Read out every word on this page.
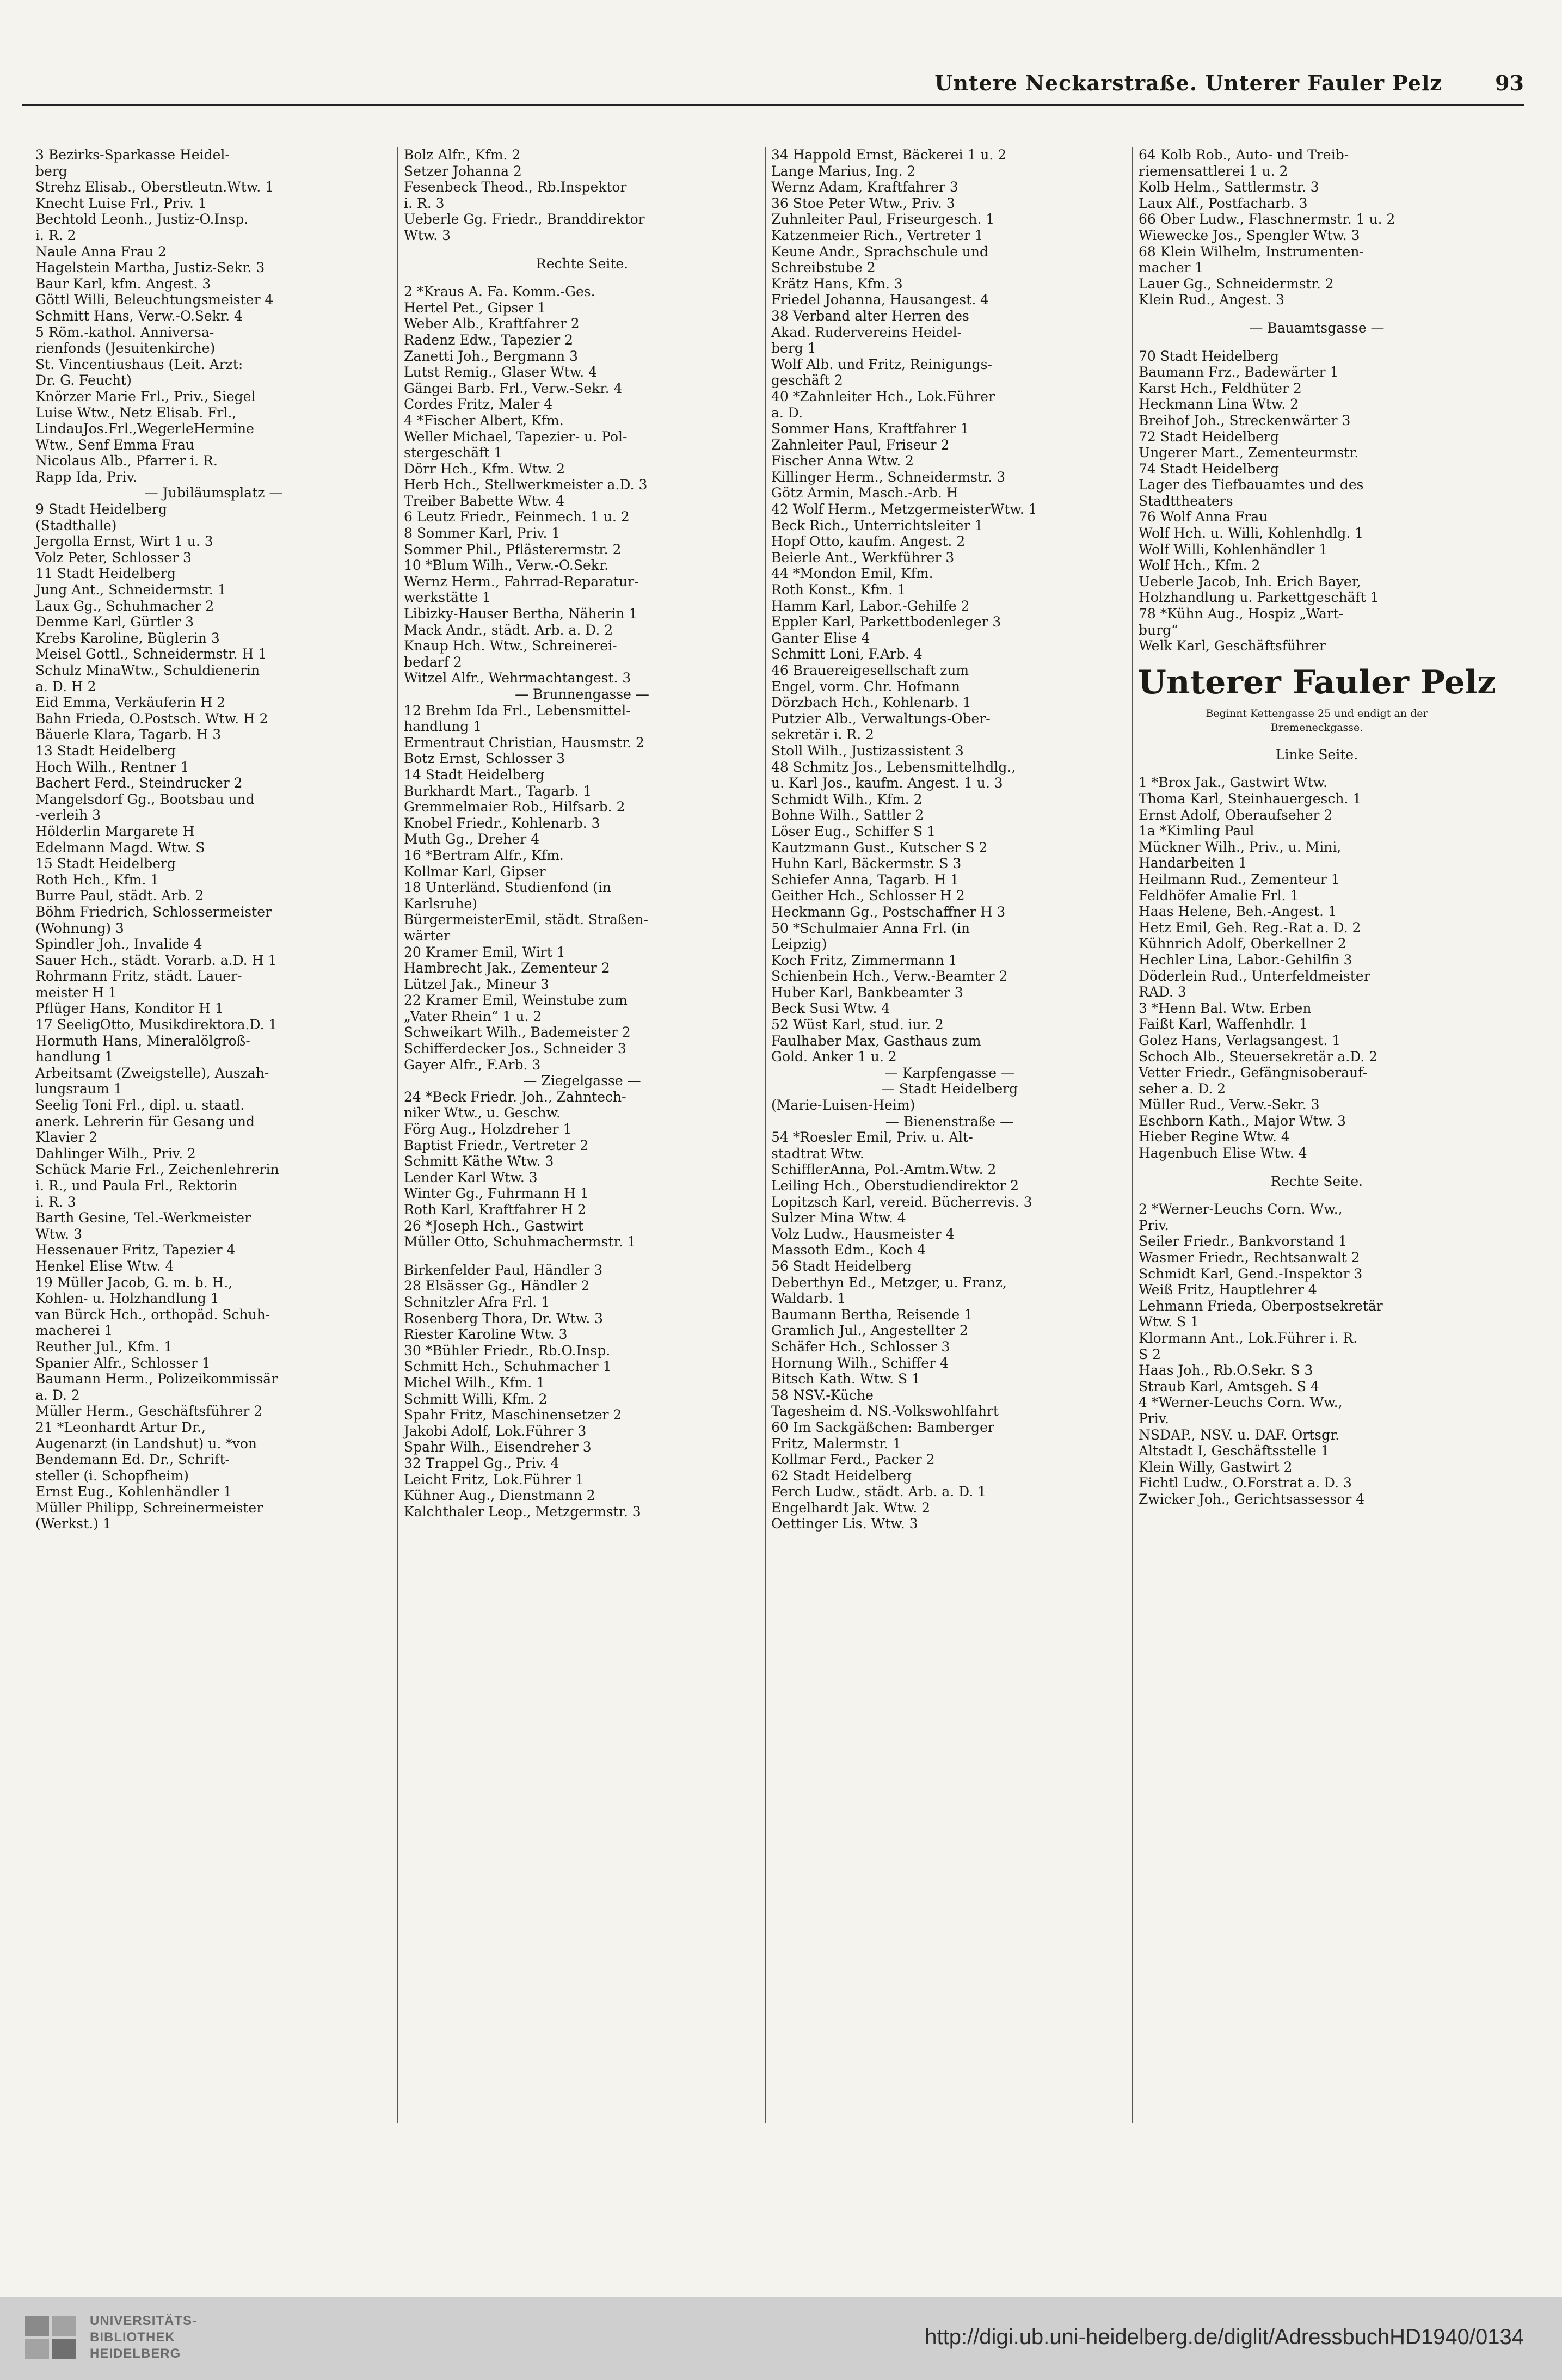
Untere Neckarstraße. Unterer Fauler Pelz	93
3 Bezirks-Sparkasse Heidel-
berg
Strehz Elisab., Oberstleutn.Wtw. 1
Knecht Luise Frl., Priv. 1
Bechtold Leonh., Justiz-O.Insp.
i. R. 2
Naule Anna Frau 2
Hagelstein Martha, Justiz-Sekr. 3
Baur Karl, kfm. Angest. 3
Göttl Willi, Beleuchtungsmeister 4
Schmitt Hans, Verw.-O.Sekr. 4
5 Röm.-kathol. Anniversa-
rienfonds (Jesuitenkirche)
St. Vincentiushaus (Leit. Arzt:
Dr. G. Feucht)
Knörzer Marie Frl., Priv., Siegel
Luise Wtw., Netz Elisab. Frl.,
LindauJos.Frl.,WegerleHermine
Wtw., Senf Emma Frau
Nicolaus Alb., Pfarrer i. R.
Rapp Ida, Priv.
— Jubiläumsplatz —
9 Stadt Heidelberg
(Stadthalle)
Jergolla Ernst, Wirt 1 u. 3
Volz Peter, Schlosser 3
11 Stadt Heidelberg
Jung Ant., Schneidermstr. 1
Laux Gg., Schuhmacher 2
Demme Karl, Gürtler 3
Krebs Karoline, Büglerin 3
Meisel Gottl., Schneidermstr. H 1
Schulz MinaWtw., Schuldienerin
a. D. H 2
Eid Emma, Verkäuferin H 2
Bahn Frieda, O.Postsch. Wtw. H 2
Bäuerle Klara, Tagarb. H 3
13 Stadt Heidelberg
Hoch Wilh., Rentner 1
Bachert Ferd., Steindrucker 2
Mangelsdorf Gg., Bootsbau und
-verleih 3
Hölderlin Margarete H
Edelmann Magd. Wtw. S
15 Stadt Heidelberg
Roth Hch., Kfm. 1
Burre Paul, städt. Arb. 2
Böhm Friedrich, Schlossermeister
(Wohnung) 3
Spindler Joh., Invalide 4
Sauer Hch., städt. Vorarb. a.D. H 1
Rohrmann Fritz, städt. Lauer-
meister H 1
Pflüger Hans, Konditor H 1
17 SeeligOtto, Musikdirektora.D. 1
Hormuth Hans, Mineralölgroß-
handlung 1
Arbeitsamt (Zweigstelle), Auszah-
lungsraum 1
Seelig Toni Frl., dipl. u. staatl.
anerk. Lehrerin für Gesang und
Klavier 2
Dahlinger Wilh., Priv. 2
Schück Marie Frl., Zeichenlehrerin
i. R., und Paula Frl., Rektorin
i. R. 3
Barth Gesine, Tel.-Werkmeister
Wtw. 3
Hessenauer Fritz, Tapezier 4
Henkel Elise Wtw. 4
19 Müller Jacob, G. m. b. H.,
Kohlen- u. Holzhandlung 1
van Bürck Hch., orthopäd. Schuh-
macherei 1
Reuther Jul., Kfm. 1
Spanier Alfr., Schlosser 1
Baumann Herm., Polizeikommissär
a. D. 2
Müller Herm., Geschäftsführer 2
21 *Leonhardt Artur Dr.,
Augenarzt (in Landshut) u. *von
Bendemann Ed. Dr., Schrift-
steller (i. Schopfheim)
Ernst Eug., Kohlenhändler 1
Müller Philipp, Schreinermeister
(Werkst.) 1
Bolz Alfr., Kfm. 2
Setzer Johanna 2
Fesenbeck Theod., Rb.Inspektor
i. R. 3
Ueberle Gg. Friedr., Branddirektor
Wtw. 3
Rechte Seite.
2 *Kraus A. Fa. Komm.-Ges.
Hertel Pet., Gipser 1
Weber Alb., Kraftfahrer 2
Radenz Edw., Tapezier 2
Zanetti Joh., Bergmann 3
Lutst Remig., Glaser Wtw. 4
Gängei Barb. Frl., Verw.-Sekr. 4
Cordes Fritz, Maler 4
4 *Fischer Albert, Kfm.
Weller Michael, Tapezier- u. Pol-
stergeschäft 1
Dörr Hch., Kfm. Wtw. 2
Herb Hch., Stellwerkmeister a.D. 3
Treiber Babette Wtw. 4
6 Leutz Friedr., Feinmech. 1 u. 2
8 Sommer Karl, Priv. 1
Sommer Phil., Pflästerermstr. 2
10 *Blum Wilh., Verw.-O.Sekr.
Wernz Herm., Fahrrad-Reparatur-
werkstätte 1
Libizky-Hauser Bertha, Näherin 1
Mack Andr., städt. Arb. a. D. 2
Knaup Hch. Wtw., Schreinerei-
bedarf 2
Witzel Alfr., Wehrmachtangest. 3
— Brunnengasse —
12 Brehm Ida Frl., Lebensmittel-
handlung 1
Ermentraut Christian, Hausmstr. 2
Botz Ernst, Schlosser 3
14 Stadt Heidelberg
Burkhardt Mart., Tagarb. 1
Gremmelmaier Rob., Hilfsarb. 2
Knobel Friedr., Kohlenarb. 3
Muth Gg., Dreher 4
16 *Bertram Alfr., Kfm.
Kollmar Karl, Gipser
18 Unterländ. Studienfond (in
Karlsruhe)
BürgermeisterEmil, städt. Straßen-
wärter
20 Kramer Emil, Wirt 1
Hambrecht Jak., Zementeur 2
Lützel Jak., Mineur 3
22 Kramer Emil, Weinstube zum
„Vater Rhein“ 1 u. 2
Schweikart Wilh., Bademeister 2
Schifferdecker Jos., Schneider 3
Gayer Alfr., F.Arb. 3
— Ziegelgasse —
24 *Beck Friedr. Joh., Zahntech-
niker Wtw., u. Geschw.
Förg Aug., Holzdreher 1
Baptist Friedr., Vertreter 2
Schmitt Käthe Wtw. 3
Lender Karl Wtw. 3
Winter Gg., Fuhrmann H 1
Roth Karl, Kraftfahrer H 2
26 *Joseph Hch., Gastwirt
Müller Otto, Schuhmachermstr. 1
Birkenfelder Paul, Händler 3
28 Elsässer Gg., Händler 2
Schnitzler Afra Frl. 1
Rosenberg Thora, Dr. Wtw. 3
Riester Karoline Wtw. 3
30 *Bühler Friedr., Rb.O.Insp.
Schmitt Hch., Schuhmacher 1
Michel Wilh., Kfm. 1
Schmitt Willi, Kfm. 2
Spahr Fritz, Maschinensetzer 2
Jakobi Adolf, Lok.Führer 3
Spahr Wilh., Eisendreher 3
32 Trappel Gg., Priv. 4
Leicht Fritz, Lok.Führer 1
Kühner Aug., Dienstmann 2
Kalchthaler Leop., Metzgermstr. 3
34 Happold Ernst, Bäckerei 1 u. 2
Lange Marius, Ing. 2
Wernz Adam, Kraftfahrer 3
36 Stoe Peter Wtw., Priv. 3
Zuhnleiter Paul, Friseurgesch. 1
Katzenmeier Rich., Vertreter 1
Keune Andr., Sprachschule und
Schreibstube 2
Krätz Hans, Kfm. 3
Friedel Johanna, Hausangest. 4
38 Verband alter Herren des
Akad. Rudervereins Heidel-
berg 1
Wolf Alb. und Fritz, Reinigungs-
geschäft 2
40 *Zahnleiter Hch., Lok.Führer
a. D.
Sommer Hans, Kraftfahrer 1
Zahnleiter Paul, Friseur 2
Fischer Anna Wtw. 2
Killinger Herm., Schneidermstr. 3
Götz Armin, Masch.-Arb. H
42 Wolf Herm., MetzgermeisterWtw. 1
Beck Rich., Unterrichtsleiter 1
Hopf Otto, kaufm. Angest. 2
Beierle Ant., Werkführer 3
44 *Mondon Emil, Kfm.
Roth Konst., Kfm. 1
Hamm Karl, Labor.-Gehilfe 2
Eppler Karl, Parkettbodenleger 3
Ganter Elise 4
Schmitt Loni, F.Arb. 4
46 Brauereigesellschaft zum
Engel, vorm. Chr. Hofmann
Dörzbach Hch., Kohlenarb. 1
Putzier Alb., Verwaltungs-Ober-
sekretär i. R. 2
Stoll Wilh., Justizassistent 3
48 Schmitz Jos., Lebensmittelhdlg.,
u. Karl Jos., kaufm. Angest. 1 u. 3
Schmidt Wilh., Kfm. 2
Bohne Wilh., Sattler 2
Löser Eug., Schiffer S 1
Kautzmann Gust., Kutscher S 2
Huhn Karl, Bäckermstr. S 3
Schiefer Anna, Tagarb. H 1
Geither Hch., Schlosser H 2
Heckmann Gg., Postschaffner H 3
50 *Schulmaier Anna Frl. (in
Leipzig)
Koch Fritz, Zimmermann 1
Schienbein Hch., Verw.-Beamter 2
Huber Karl, Bankbeamter 3
Beck Susi Wtw. 4
52 Wüst Karl, stud. iur. 2
Faulhaber Max, Gasthaus zum
Gold. Anker 1 u. 2
— Karpfengasse —
— Stadt Heidelberg
(Marie-Luisen-Heim)
— Bienenstraße —
54 *Roesler Emil, Priv. u. Alt-
stadtrat Wtw.
SchifflerAnna, Pol.-Amtm.Wtw. 2
Leiling Hch., Oberstudiendirektor 2
Lopitzsch Karl, vereid. Bücherrevis. 3
Sulzer Mina Wtw. 4
Volz Ludw., Hausmeister 4
Massoth Edm., Koch 4
56 Stadt Heidelberg
Deberthyn Ed., Metzger, u. Franz,
Waldarb. 1
Baumann Bertha, Reisende 1
Gramlich Jul., Angestellter 2
Schäfer Hch., Schlosser 3
Hornung Wilh., Schiffer 4
Bitsch Kath. Wtw. S 1
58 NSV.-Küche
Tagesheim d. NS.-Volkswohlfahrt
60 Im Sackgäßchen: Bamberger
Fritz, Malermstr. 1
Kollmar Ferd., Packer 2
62 Stadt Heidelberg
Ferch Ludw., städt. Arb. a. D. 1
Engelhardt Jak. Wtw. 2
Oettinger Lis. Wtw. 3
64 Kolb Rob., Auto- und Treib-
riemensattlerei 1 u. 2
Kolb Helm., Sattlermstr. 3
Laux Alf., Postfacharb. 3
66 Ober Ludw., Flaschnermstr. 1 u. 2
Wiewecke Jos., Spengler Wtw. 3
68 Klein Wilhelm, Instrumenten-
macher 1
Lauer Gg., Schneidermstr. 2
Klein Rud., Angest. 3
— Bauamtsgasse —
70 Stadt Heidelberg
Baumann Frz., Badewärter 1
Karst Hch., Feldhüter 2
Heckmann Lina Wtw. 2
Breihof Joh., Streckenwärter 3
72 Stadt Heidelberg
Ungerer Mart., Zementeurmstr.
74 Stadt Heidelberg
Lager des Tiefbauamtes und des
Stadttheaters
76 Wolf Anna Frau
Wolf Hch. u. Willi, Kohlenhdlg. 1
Wolf Willi, Kohlenhändler 1
Wolf Hch., Kfm. 2
Ueberle Jacob, Inh. Erich Bayer,
Holzhandlung u. Parkettgeschäft 1
78 *Kühn Aug., Hospiz „Wart-
burg“
Welk Karl, Geschäftsführer
Unterer Fauler Pelz
Beginnt Kettengasse 25 und endigt an der
Bremeneckgasse.
Linke Seite.
1 *Brox Jak., Gastwirt Wtw.
Thoma Karl, Steinhauergesch. 1
Ernst Adolf, Oberaufseher 2
1a *Kimling Paul
Mückner Wilh., Priv., u. Mini,
Handarbeiten 1
Heilmann Rud., Zementeur 1
Feldhöfer Amalie Frl. 1
Haas Helene, Beh.-Angest. 1
Hetz Emil, Geh. Reg.-Rat a. D. 2
Kühnrich Adolf, Oberkellner 2
Hechler Lina, Labor.-Gehilfin 3
Döderlein Rud., Unterfeldmeister
RAD. 3
3 *Henn Bal. Wtw. Erben
Faißt Karl, Waffenhdlr. 1
Golez Hans, Verlagsangest. 1
Schoch Alb., Steuersekretär a.D. 2
Vetter Friedr., Gefängnisoberauf-
seher a. D. 2
Müller Rud., Verw.-Sekr. 3
Eschborn Kath., Major Wtw. 3
Hieber Regine Wtw. 4
Hagenbuch Elise Wtw. 4
Rechte Seite.
2 *Werner-Leuchs Corn. Ww.,
Priv.
Seiler Friedr., Bankvorstand 1
Wasmer Friedr., Rechtsanwalt 2
Schmidt Karl, Gend.-Inspektor 3
Weiß Fritz, Hauptlehrer 4
Lehmann Frieda, Oberpostsekretär
Wtw. S 1
Klormann Ant., Lok.Führer i. R.
S 2
Haas Joh., Rb.O.Sekr. S 3
Straub Karl, Amtsgeh. S 4
4 *Werner-Leuchs Corn. Ww.,
Priv.
NSDAP., NSV. u. DAF. Ortsgr.
Altstadt I, Geschäftsstelle 1
Klein Willy, Gastwirt 2
Fichtl Ludw., O.Forstrat a. D. 3
Zwicker Joh., Gerichtsassessor 4
UNIVERSITÄTS-
BIBLIOTHEK
HEIDELBERG
http://digi.ub.uni-heidelberg.de/diglit/AdressbuchHD1940/0134
